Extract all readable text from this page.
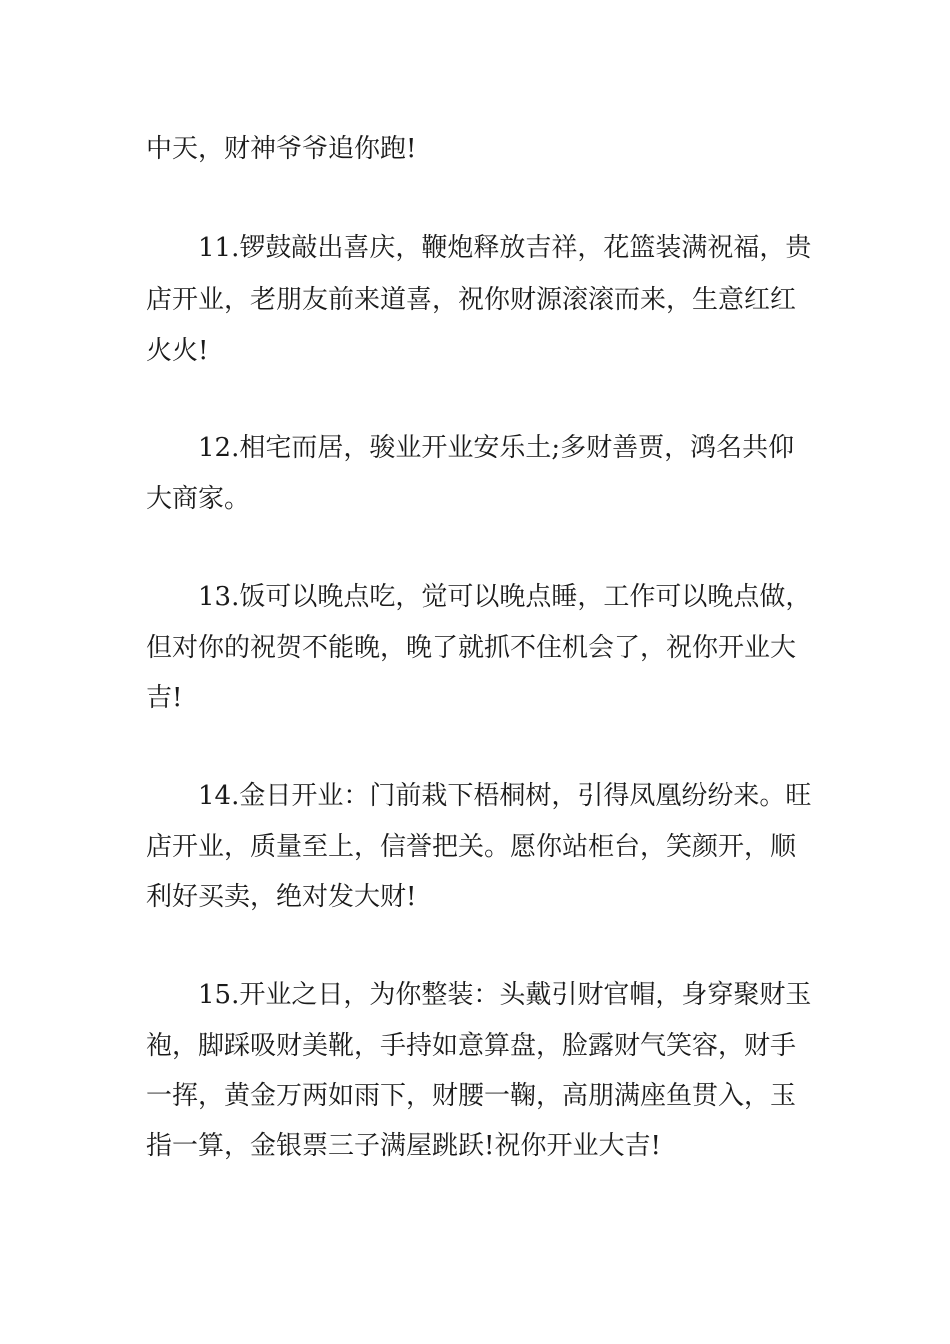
中天，财神爷爷追你跑!
11.锣鼓敲出喜庆，鞭炮释放吉祥，花篮装满祝福，贵
店开业，老朋友前来道喜，祝你财源滚滚而来，生意红红
火火!
12.相宅而居，骏业开业安乐土;多财善贾，鸿名共仰
大商家。
13.饭可以晚点吃，觉可以晚点睡，工作可以晚点做，
但对你的祝贺不能晚，晚了就抓不住机会了，祝你开业大
吉!
14.金日开业：门前栽下梧桐树，引得凤凰纷纷来。旺
店开业，质量至上，信誉把关。愿你站柜台，笑颜开，顺
利好买卖，绝对发大财!
15.开业之日，为你整装：头戴引财官帽，身穿聚财玉
袍，脚踩吸财美靴，手持如意算盘，脸露财气笑容，财手
一挥，黄金万两如雨下，财腰一鞠，高朋满座鱼贯入，玉
指一算，金银票三子满屋跳跃!祝你开业大吉!
